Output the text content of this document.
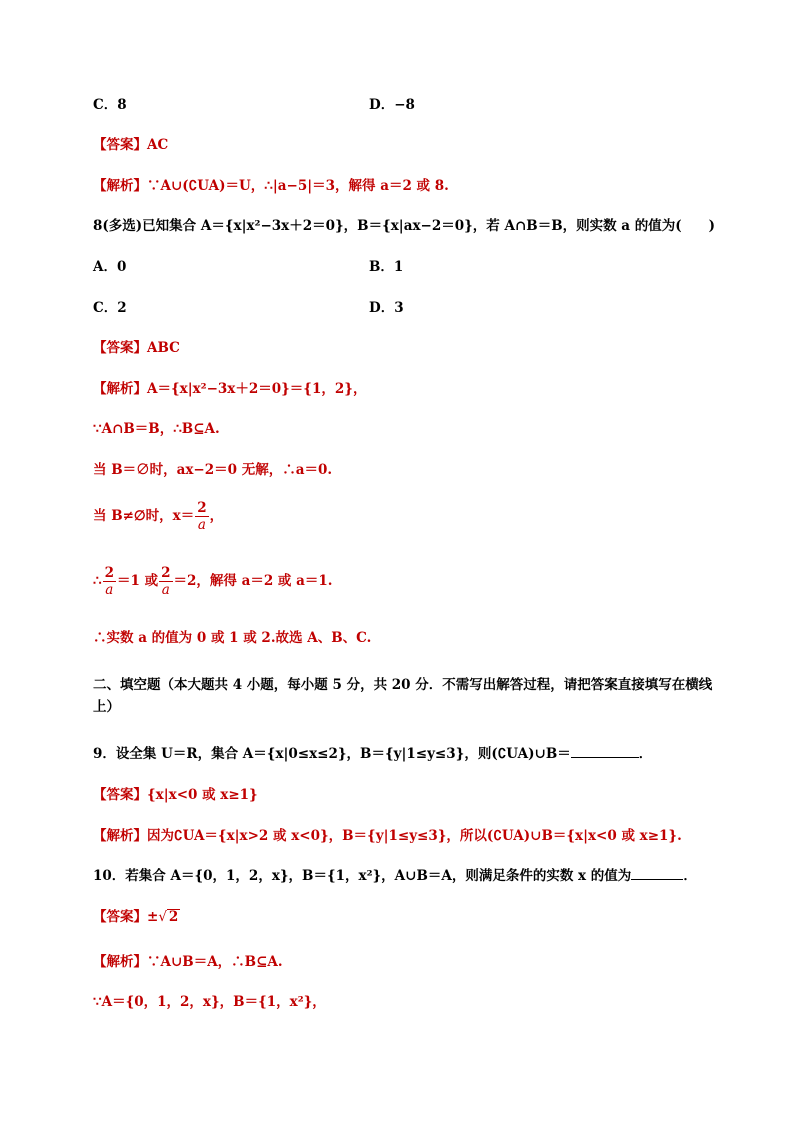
C．8	D．−8
【答案】AC
【解析】∵A∪(∁UA)＝U，∴|a−5|＝3，解得 a＝2 或 8.
8(多选)已知集合 A＝{x|x²−3x＋2＝0}，B＝{x|ax−2＝0}，若 A∩B＝B，则实数 a 的值为(　　)
A．0	B．1
C．2	D．3
【答案】ABC
【解析】A＝{x|x²−3x＋2＝0}＝{1，2}，
∵A∩B＝B，∴B⊆A.
当 B＝∅时，ax−2＝0 无解，∴a＝0.
当 B≠∅时，$x= \frac{2}{a}$ ，
∴ $\frac{2}{a} =1$ 或 $\frac{2}{a} =2$，解得 a＝2 或 a＝1.
∴实数 a 的值为 0 或 1 或 2.故选 A、B、C.
二、填空题（本大题共 4 小题，每小题 5 分，共 20 分．不需写出解答过程，请把答案直接填写在横线上）
9．设全集 U＝R，集合 A＝{x|0≤x≤2}，B＝{y|1≤y≤3}，则(∁UA)∪B＝	．
【答案】{x|x<0 或 x≥1}
【解析】因为∁UA＝{x|x>2 或 x<0}，B＝{y|1≤y≤3}，所以(∁UA)∪B＝{x|x<0 或 x≥1}.
10．若集合 A＝{0，1，2，x}，B＝{1，x²}，A∪B＝A，则满足条件的实数 x 的值为	．
【答案】±√ 2
【解析】∵A∪B＝A，∴B⊆A.
∵A＝{0，1，2，x}，B＝{1，x²}，
